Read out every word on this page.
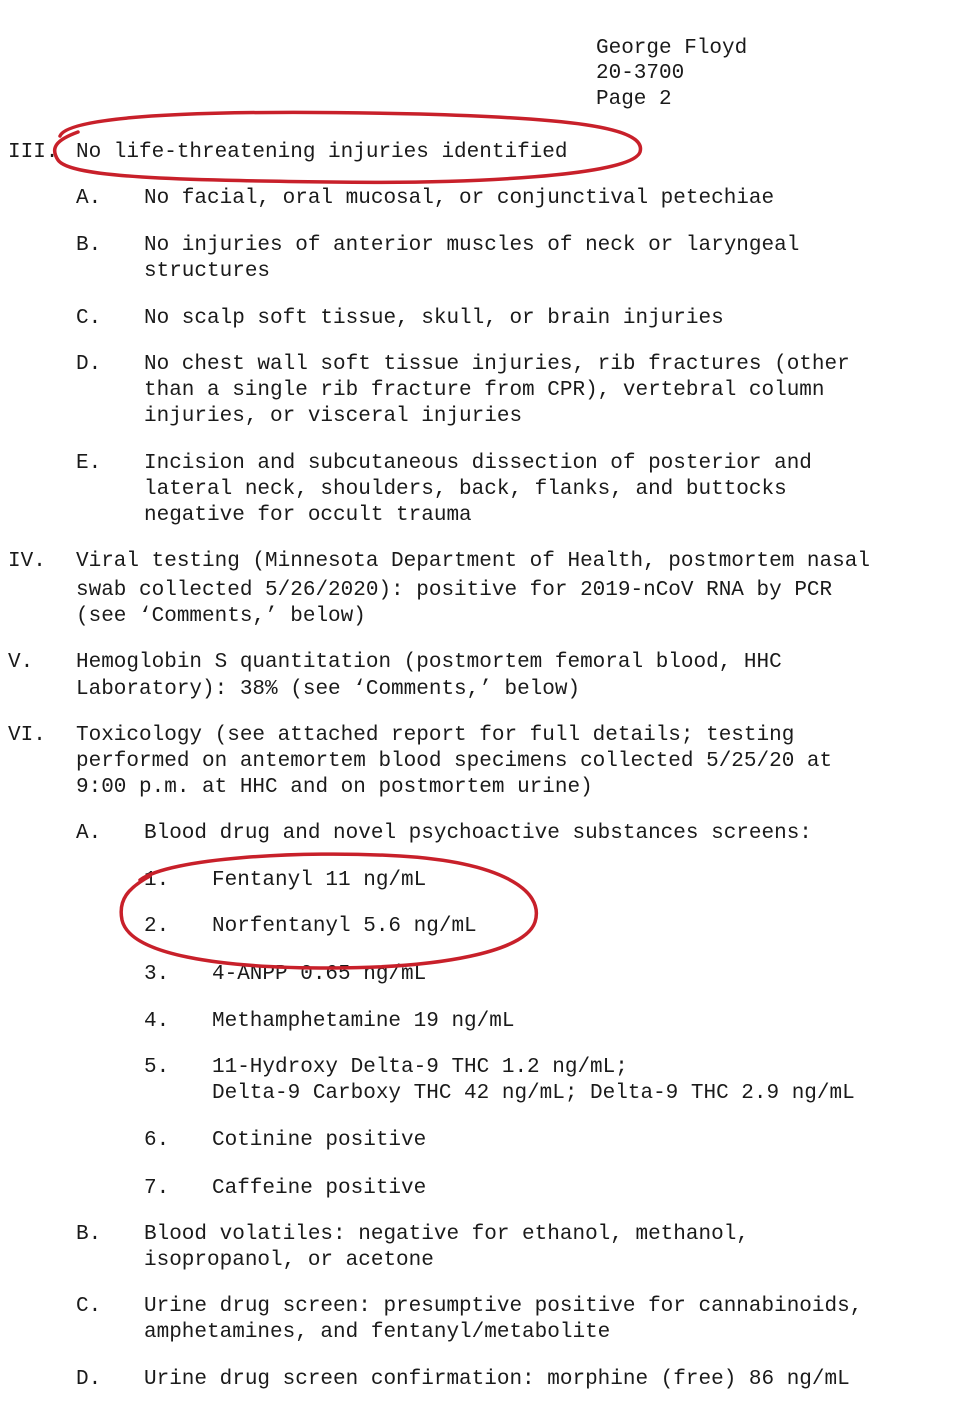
George Floyd
20-3700
Page 2
III. No life-threatening injuries identified
A. No facial, oral mucosal, or conjunctival petechiae
B. No injuries of anterior muscles of neck or laryngeal
structures
C. No scalp soft tissue, skull, or brain injuries
D. No chest wall soft tissue injuries, rib fractures (other
than a single rib fracture from CPR), vertebral column
injuries, or visceral injuries
E. Incision and subcutaneous dissection of posterior and
lateral neck, shoulders, back, flanks, and buttocks
negative for occult trauma
IV. Viral testing (Minnesota Department of Health, postmortem nasal
swab collected 5/26/2020): positive for 2019-nCoV RNA by PCR
(see ‘Comments,’ below)
V. Hemoglobin S quantitation (postmortem femoral blood, HHC
Laboratory): 38% (see ‘Comments,’ below)
VI. Toxicology (see attached report for full details; testing
performed on antemortem blood specimens collected 5/25/20 at
9:00 p.m. at HHC and on postmortem urine)
A. Blood drug and novel psychoactive substances screens:
1. Fentanyl 11 ng/mL
2. Norfentanyl 5.6 ng/mL
3. 4-ANPP 0.65 ng/mL
4. Methamphetamine 19 ng/mL
5. 11-Hydroxy Delta-9 THC 1.2 ng/mL;
Delta-9 Carboxy THC 42 ng/mL; Delta-9 THC 2.9 ng/mL
6. Cotinine positive
7. Caffeine positive
B. Blood volatiles: negative for ethanol, methanol,
isopropanol, or acetone
C. Urine drug screen: presumptive positive for cannabinoids,
amphetamines, and fentanyl/metabolite
D. Urine drug screen confirmation: morphine (free) 86 ng/mL
